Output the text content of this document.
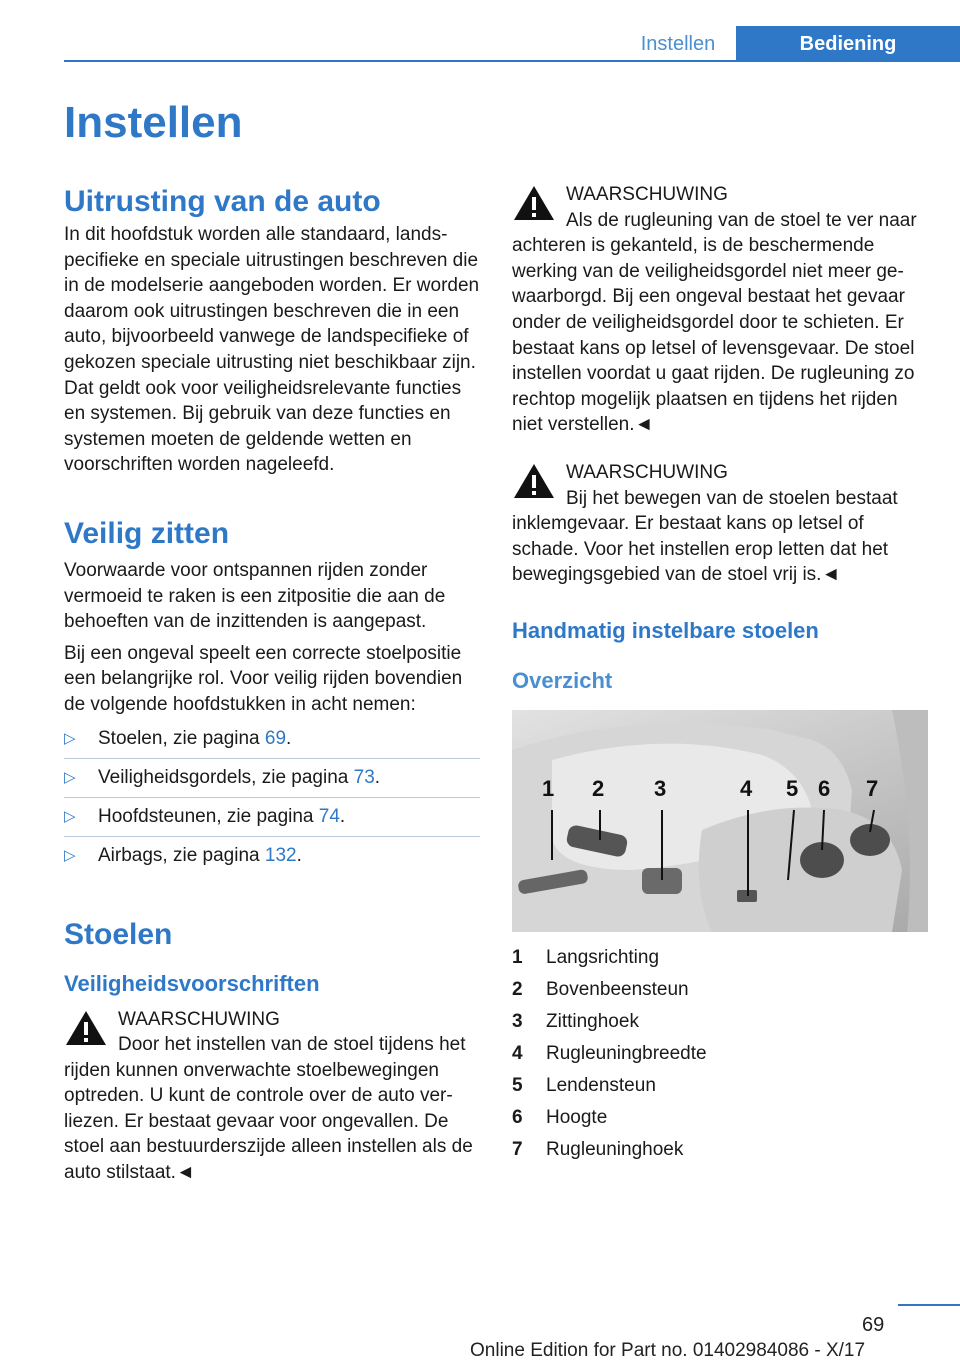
Instellen	Bediening
Instellen
Uitrusting van de auto

In dit hoofdstuk worden alle standaard, landspecifieke en speciale uitrustingen beschreven die in de modelserie aangeboden worden. Er worden daarom ook uitrustingen beschreven die in een auto, bijvoorbeeld vanwege de landspecifieke of gekozen speciale uitrusting niet beschikbaar zijn. Dat geldt ook voor veiligheidsrelevante functies en systemen. Bij gebruik van deze functies en systemen moeten de geldende wetten en voorschriften worden nageleefd.

Veilig zitten

Voorwaarde voor ontspannen rijden zonder vermoeid te raken is een zitpositie die aan de behoeften van de inzittenden is aangepast.

Bij een ongeval speelt een correcte stoelpositie een belangrijke rol. Voor veilig rijden bovendien de volgende hoofdstukken in acht nemen:

▷ Stoelen, zie pagina 69.
▷ Veiligheidsgordels, zie pagina 73.
▷ Hoofdsteunen, zie pagina 74.
▷ Airbags, zie pagina 132.
Stoelen
Veiligheidsvoorschriften
WAARSCHUWING
Door het instellen van de stoel tijdens het rijden kunnen onverwachte stoelbewegingen optreden. U kunt de controle over de auto verliezen. Er bestaat gevaar voor ongevallen. De stoel aan bestuurderszijde alleen instellen als de auto stilstaat.◄
WAARSCHUWING
Als de rugleuning van de stoel te ver naar achteren is gekanteld, is de beschermende werking van de veiligheidsgordel niet meer gewaarborgd. Bij een ongeval bestaat het gevaar onder de veiligheidsgordel door te schieten. Er bestaat kans op letsel of levensgevaar. De stoel instellen voordat u gaat rijden. De rugleuning zo rechtop mogelijk plaatsen en tijdens het rijden niet verstellen.◄
WAARSCHUWING
Bij het bewegen van de stoelen bestaat inklemgevaar. Er bestaat kans op letsel of schade. Voor het instellen erop letten dat het bewegingsgebied van de stoel vrij is.◄
Handmatig instelbare stoelen
Overzicht
1 2 3	4 5 6 7
1	Langsrichting
2	Bovenbeensteun
3	Zittinghoek
4	Rugleuningbreedte
5	Lendensteun
6	Hoogte
7	Rugleuninghoek
69
Online Edition for Part no. 01402984086 - X/17
